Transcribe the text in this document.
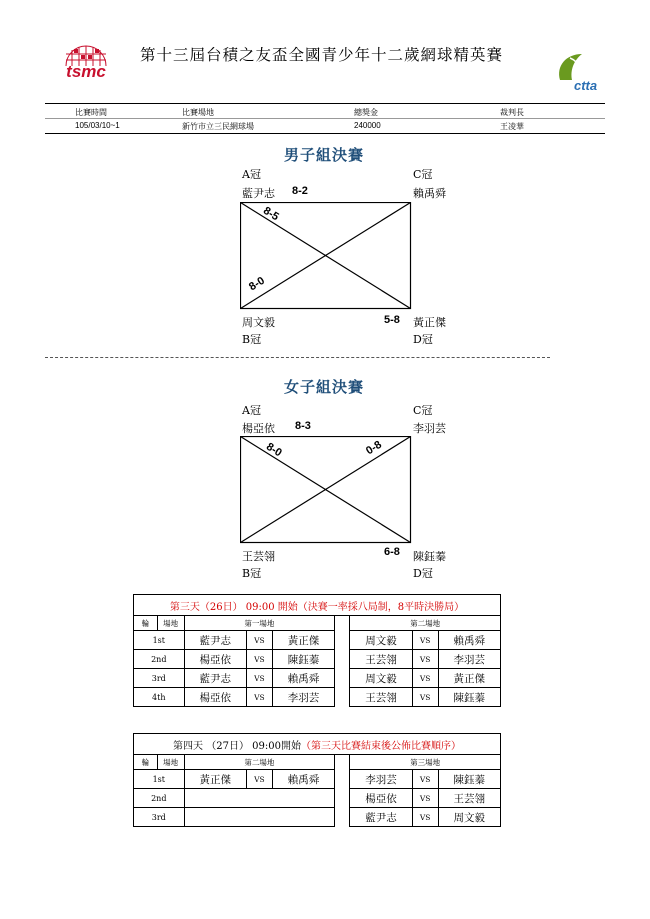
tsmc
ctta
第十三屆台積之友盃全國青少年十二歲網球精英賽
比賽時間	比賽場地	總獎金	裁判長
105/03/10~1	新竹市立三民網球場	240000	王凌華
男子組決賽
A冠	C冠
藍尹志 8-2	賴禹舜
8-5
8-0
周文毅	5-8 黃正傑
B冠	D冠
女子組決賽
A冠	C冠
楊亞依 8-3	李羽芸
8-0	0-8
王芸翎	6-8 陳鈺蓁
B冠	D冠
第三天（26日） 09:00 開始（決賽一率採八局制，8平時決勝局）								
輪	場地	第一場地				第二場地		
1st		藍尹志	VS	黃正傑		周文毅	VS	賴禹舜
2nd		楊亞依	VS	陳鈺蓁		王芸翎	VS	李羽芸
3rd		藍尹志	VS	賴禹舜		周文毅	VS	黃正傑
4th		楊亞依	VS	李羽芸		王芸翎	VS	陳鈺蓁
第四天 （27日） 09:00開始（第三天比賽結束後公佈比賽順序）								
輪	場地	第二場地				第三場地		
1st		黃正傑	VS	賴禹舜		李羽芸	VS	陳鈺蓁
2nd						楊亞依	VS	王芸翎
3rd						藍尹志	VS	周文毅
